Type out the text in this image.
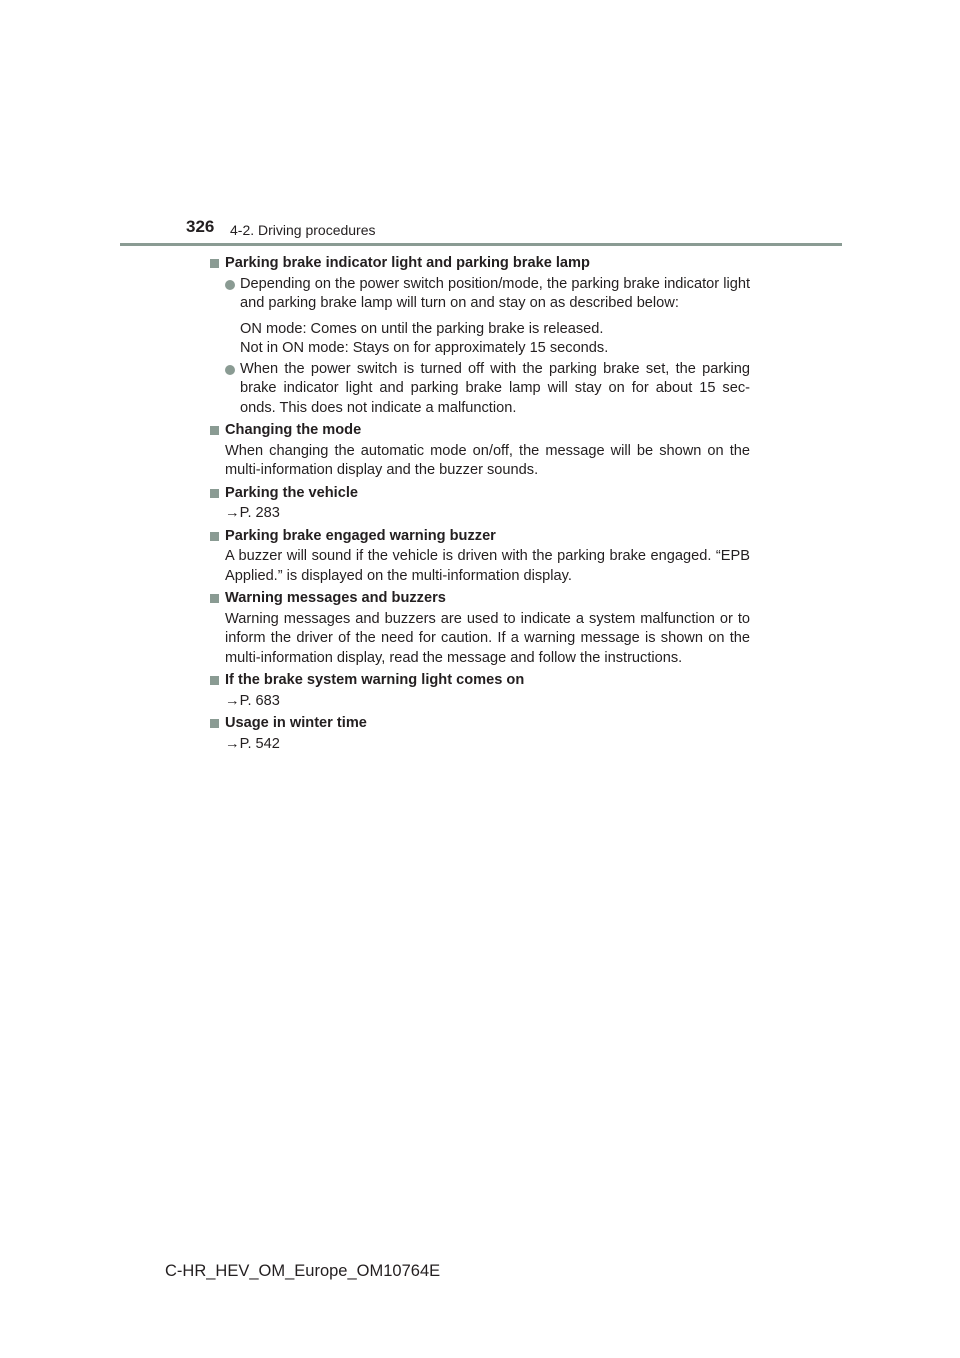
326 4-2. Driving procedures
Parking brake indicator light and parking brake lamp
Depending on the power switch position/mode, the parking brake indicator light and parking brake lamp will turn on and stay on as described below:
ON mode: Comes on until the parking brake is released.
Not in ON mode: Stays on for approximately 15 seconds.
When the power switch is turned off with the parking brake set, the parking brake indicator light and parking brake lamp will stay on for about 15 sec- onds. This does not indicate a malfunction.
Changing the mode
When changing the automatic mode on/off, the message will be shown on the multi-information display and the buzzer sounds.
Parking the vehicle
→P. 283
Parking brake engaged warning buzzer
A buzzer will sound if the vehicle is driven with the parking brake engaged. “EPB Applied.” is displayed on the multi-information display.
Warning messages and buzzers
Warning messages and buzzers are used to indicate a system malfunction or to inform the driver of the need for caution. If a warning message is shown on the multi-information display, read the message and follow the instructions.
If the brake system warning light comes on
→P. 683
Usage in winter time
→P. 542
C-HR_HEV_OM_Europe_OM10764E
